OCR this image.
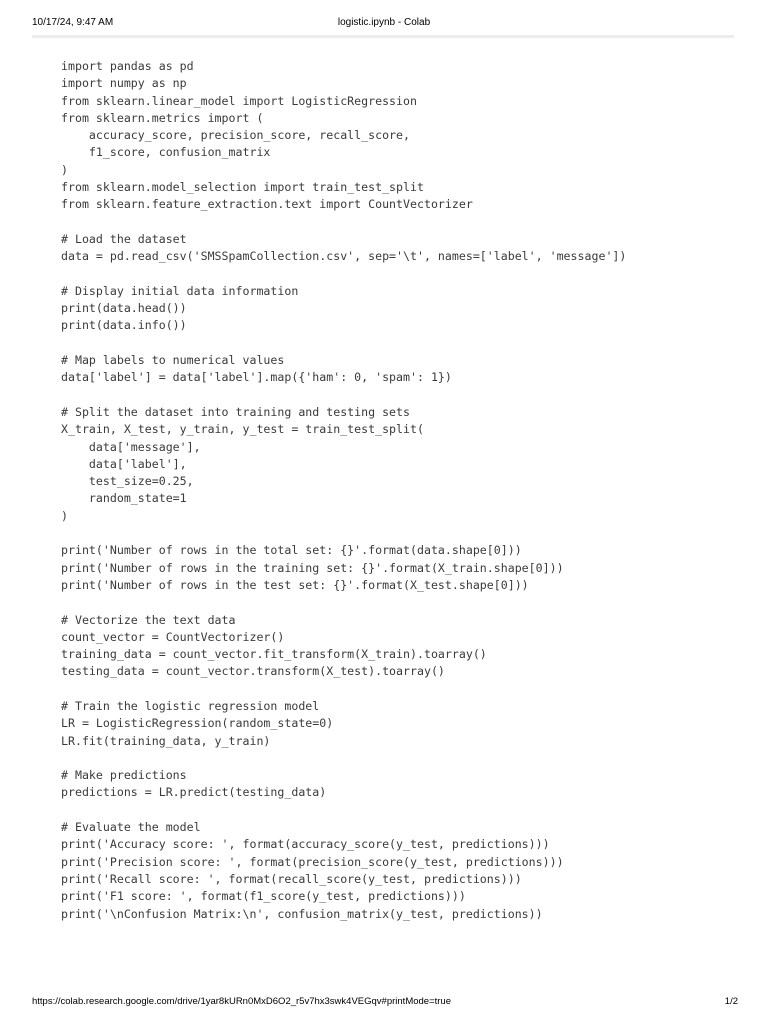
10/17/24, 9:47 AM	logistic.ipynb - Colab
import pandas as pd
import numpy as np
from sklearn.linear_model import LogisticRegression
from sklearn.metrics import (
accuracy_score, precision_score, recall_score,
f1_score, confusion_matrix
)
from sklearn.model_selection import train_test_split
from sklearn.feature_extraction.text import CountVectorizer
# Load the dataset
data = pd.read_csv('SMSSpamCollection.csv', sep='\t', names=['label', 'message'])
# Display initial data information
print(data.head())
print(data.info())
# Map labels to numerical values
data['label'] = data['label'].map({'ham': 0, 'spam': 1})
# Split the dataset into training and testing sets
X_train, X_test, y_train, y_test = train_test_split(
data['message'],
data['label'],
test_size=0.25,
random_state=1
)
print('Number of rows in the total set: {}'.format(data.shape[0]))
print('Number of rows in the training set: {}'.format(X_train.shape[0]))
print('Number of rows in the test set: {}'.format(X_test.shape[0]))
# Vectorize the text data
count_vector = CountVectorizer()
training_data = count_vector.fit_transform(X_train).toarray()
testing_data = count_vector.transform(X_test).toarray()
# Train the logistic regression model
LR = LogisticRegression(random_state=0)
LR.fit(training_data, y_train)
# Make predictions
predictions = LR.predict(testing_data)
# Evaluate the model
print('Accuracy score: ', format(accuracy_score(y_test, predictions)))
print('Precision score: ', format(precision_score(y_test, predictions)))
print('Recall score: ', format(recall_score(y_test, predictions)))
print('F1 score: ', format(f1_score(y_test, predictions)))
print('\nConfusion Matrix:\n', confusion_matrix(y_test, predictions))
https://colab.research.google.com/drive/1yar8kURn0MxD6O2_r5v7hx3swk4VEGqv#printMode=true	1/2
